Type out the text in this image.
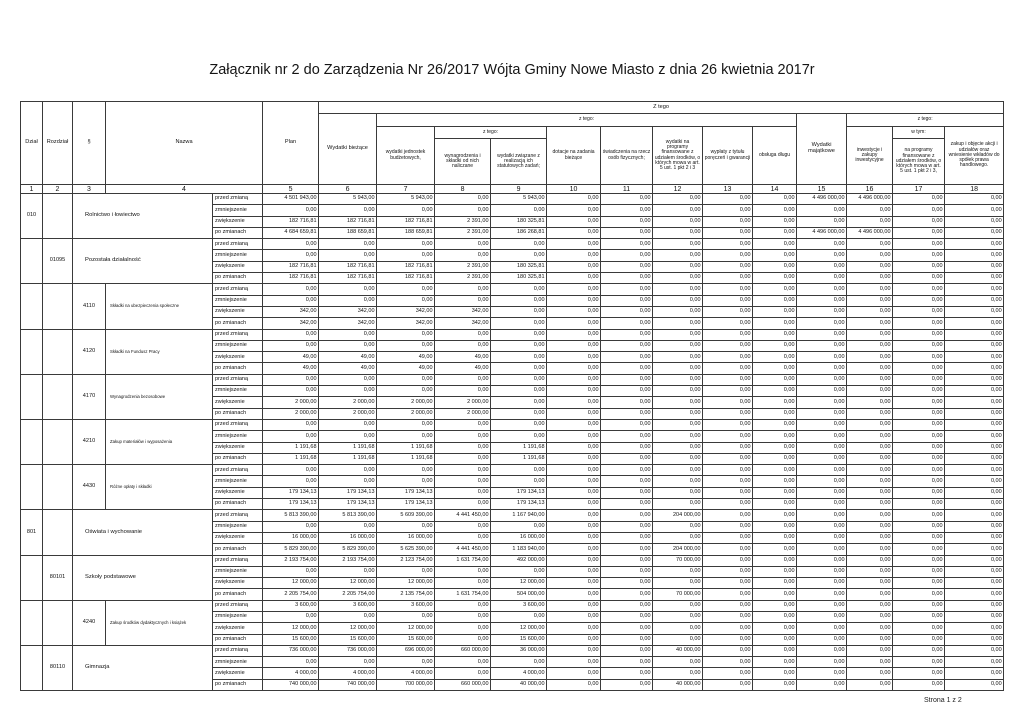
Załącznik nr 2 do Zarządzenia Nr 26/2017 Wójta Gminy Nowe Miasto z dnia 26 kwietnia 2017r
Dział	Rozdział	§	Nazwa		Plan	Z tego												
						Wydatki bieżące	z tego:								Wydatki majątkowe	z tego:		
							wydatki jednostek budżetowych,	z tego:		dotacje na zadania bieżące	świadczenia na rzecz osób fizycznych;	wydatki na programy finansowane z udziałem środków, o których mowa w art. 5 ust. 1 pkt 2 i 3	wypłaty z tytułu poręczeń i gwarancji	obsługa długu		inwestycje i zakupy inwestycyjne	w tym:	zakup i objęcie akcji i udziałów oraz wniesienie wkładów do spółek prawa handlowego.
								wynagrodzenia i składki od nich naliczane	wydatki związane z realizacją ich statutowych zadań;								na programy finansowane z udziałem środków, o których mowa w art. 5 ust. 1 pkt 2 i 3,	
1	2	3	4		5	6	7	8	9	10	11	12	13	14	15	16	17	18
010		Rolnictwo i łowiectwo		przed zmianą	4 501 943,00	5 943,00	5 943,00	0,00	5 943,00	0,00	0,00	0,00	0,00	0,00	4 496 000,00	4 496 000,00	0,00	0,00
				zmniejszenie	0,00	0,00	0,00	0,00	0,00	0,00	0,00	0,00	0,00	0,00	0,00	0,00	0,00	0,00
				zwiększenie	182 716,81	182 716,81	182 716,81	2 391,00	180 325,81	0,00	0,00	0,00	0,00	0,00	0,00	0,00	0,00	0,00
				po zmianach	4 684 659,81	188 659,81	188 659,81	2 391,00	186 268,81	0,00	0,00	0,00	0,00	0,00	4 496 000,00	4 496 000,00	0,00	0,00
	01095	Pozostała działalność		przed zmianą	0,00	0,00	0,00	0,00	0,00	0,00	0,00	0,00	0,00	0,00	0,00	0,00	0,00	0,00
				zmniejszenie	0,00	0,00	0,00	0,00	0,00	0,00	0,00	0,00	0,00	0,00	0,00	0,00	0,00	0,00
				zwiększenie	182 716,81	182 716,81	182 716,81	2 391,00	180 325,81	0,00	0,00	0,00	0,00	0,00	0,00	0,00	0,00	0,00
				po zmianach	182 716,81	182 716,81	182 716,81	2 391,00	180 325,81	0,00	0,00	0,00	0,00	0,00	0,00	0,00	0,00	0,00
		4110	Składki na ubezpieczenia społeczne	przed zmianą	0,00	0,00	0,00	0,00	0,00	0,00	0,00	0,00	0,00	0,00	0,00	0,00	0,00	0,00
				zmniejszenie	0,00	0,00	0,00	0,00	0,00	0,00	0,00	0,00	0,00	0,00	0,00	0,00	0,00	0,00
				zwiększenie	342,00	342,00	342,00	342,00	0,00	0,00	0,00	0,00	0,00	0,00	0,00	0,00	0,00	0,00
				po zmianach	342,00	342,00	342,00	342,00	0,00	0,00	0,00	0,00	0,00	0,00	0,00	0,00	0,00	0,00
		4120	Składki na Fundusz Pracy	przed zmianą	0,00	0,00	0,00	0,00	0,00	0,00	0,00	0,00	0,00	0,00	0,00	0,00	0,00	0,00
				zmniejszenie	0,00	0,00	0,00	0,00	0,00	0,00	0,00	0,00	0,00	0,00	0,00	0,00	0,00	0,00
				zwiększenie	49,00	49,00	49,00	49,00	0,00	0,00	0,00	0,00	0,00	0,00	0,00	0,00	0,00	0,00
				po zmianach	49,00	49,00	49,00	49,00	0,00	0,00	0,00	0,00	0,00	0,00	0,00	0,00	0,00	0,00
		4170	Wynagrodzenia bezosobowe	przed zmianą	0,00	0,00	0,00	0,00	0,00	0,00	0,00	0,00	0,00	0,00	0,00	0,00	0,00	0,00
				zmniejszenie	0,00	0,00	0,00	0,00	0,00	0,00	0,00	0,00	0,00	0,00	0,00	0,00	0,00	0,00
				zwiększenie	2 000,00	2 000,00	2 000,00	2 000,00	0,00	0,00	0,00	0,00	0,00	0,00	0,00	0,00	0,00	0,00
				po zmianach	2 000,00	2 000,00	2 000,00	2 000,00	0,00	0,00	0,00	0,00	0,00	0,00	0,00	0,00	0,00	0,00
		4210	Zakup materiałów i wyposażenia	przed zmianą	0,00	0,00	0,00	0,00	0,00	0,00	0,00	0,00	0,00	0,00	0,00	0,00	0,00	0,00
				zmniejszenie	0,00	0,00	0,00	0,00	0,00	0,00	0,00	0,00	0,00	0,00	0,00	0,00	0,00	0,00
				zwiększenie	1 191,68	1 191,68	1 191,68	0,00	1 191,68	0,00	0,00	0,00	0,00	0,00	0,00	0,00	0,00	0,00
				po zmianach	1 191,68	1 191,68	1 191,68	0,00	1 191,68	0,00	0,00	0,00	0,00	0,00	0,00	0,00	0,00	0,00
		4430	Różne opłaty i składki	przed zmianą	0,00	0,00	0,00	0,00	0,00	0,00	0,00	0,00	0,00	0,00	0,00	0,00	0,00	0,00
				zmniejszenie	0,00	0,00	0,00	0,00	0,00	0,00	0,00	0,00	0,00	0,00	0,00	0,00	0,00	0,00
				zwiększenie	179 134,13	179 134,13	179 134,13	0,00	179 134,13	0,00	0,00	0,00	0,00	0,00	0,00	0,00	0,00	0,00
				po zmianach	179 134,13	179 134,13	179 134,13	0,00	179 134,13	0,00	0,00	0,00	0,00	0,00	0,00	0,00	0,00	0,00
801		Oświata i wychowanie		przed zmianą	5 813 390,00	5 813 390,00	5 609 390,00	4 441 450,00	1 167 940,00	0,00	0,00	204 000,00	0,00	0,00	0,00	0,00	0,00	0,00
				zmniejszenie	0,00	0,00	0,00	0,00	0,00	0,00	0,00	0,00	0,00	0,00	0,00	0,00	0,00	0,00
				zwiększenie	16 000,00	16 000,00	16 000,00	0,00	16 000,00	0,00	0,00	0,00	0,00	0,00	0,00	0,00	0,00	0,00
				po zmianach	5 829 390,00	5 829 390,00	5 625 390,00	4 441 450,00	1 183 940,00	0,00	0,00	204 000,00	0,00	0,00	0,00	0,00	0,00	0,00
	80101	Szkoły podstawowe		przed zmianą	2 193 754,00	2 193 754,00	2 123 754,00	1 631 754,00	492 000,00	0,00	0,00	70 000,00	0,00	0,00	0,00	0,00	0,00	0,00
				zmniejszenie	0,00	0,00	0,00	0,00	0,00	0,00	0,00	0,00	0,00	0,00	0,00	0,00	0,00	0,00
				zwiększenie	12 000,00	12 000,00	12 000,00	0,00	12 000,00	0,00	0,00	0,00	0,00	0,00	0,00	0,00	0,00	0,00
				po zmianach	2 205 754,00	2 205 754,00	2 135 754,00	1 631 754,00	504 000,00	0,00	0,00	70 000,00	0,00	0,00	0,00	0,00	0,00	0,00
		4240	Zakup środków dydaktycznych i książek	przed zmianą	3 600,00	3 600,00	3 600,00	0,00	3 600,00	0,00	0,00	0,00	0,00	0,00	0,00	0,00	0,00	0,00
				zmniejszenie	0,00	0,00	0,00	0,00	0,00	0,00	0,00	0,00	0,00	0,00	0,00	0,00	0,00	0,00
				zwiększenie	12 000,00	12 000,00	12 000,00	0,00	12 000,00	0,00	0,00	0,00	0,00	0,00	0,00	0,00	0,00	0,00
				po zmianach	15 600,00	15 600,00	15 600,00	0,00	15 600,00	0,00	0,00	0,00	0,00	0,00	0,00	0,00	0,00	0,00
	80110	Gimnazja		przed zmianą	736 000,00	736 000,00	696 000,00	660 000,00	36 000,00	0,00	0,00	40 000,00	0,00	0,00	0,00	0,00	0,00	0,00
				zmniejszenie	0,00	0,00	0,00	0,00	0,00	0,00	0,00	0,00	0,00	0,00	0,00	0,00	0,00	0,00
				zwiększenie	4 000,00	4 000,00	4 000,00	0,00	4 000,00	0,00	0,00	0,00	0,00	0,00	0,00	0,00	0,00	0,00
				po zmianach	740 000,00	740 000,00	700 000,00	660 000,00	40 000,00	0,00	0,00	40 000,00	0,00	0,00	0,00	0,00	0,00	0,00
Strona 1 z 2
